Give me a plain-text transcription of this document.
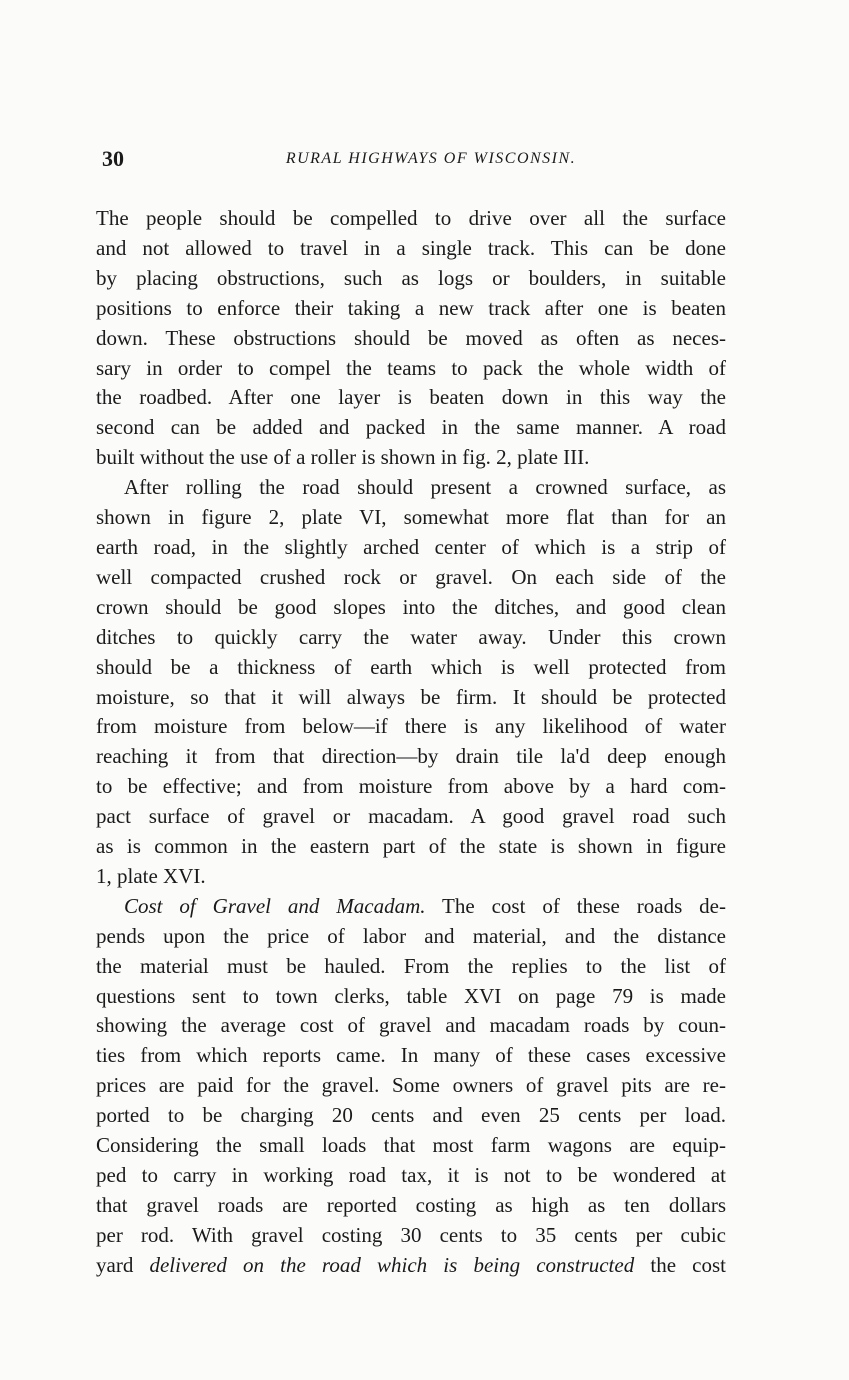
30	RURAL HIGHWAYS OF WISCONSIN.

The people should be compelled to drive over all the surface
and not allowed to travel in a single track. This can be done
by placing obstructions, such as logs or boulders, in suitable
positions to enforce their taking a new track after one is beaten
down. These obstructions should be moved as often as neces-
sary in order to compel the teams to pack the whole width of
the roadbed. After one layer is beaten down in this way the
second can be added and packed in the same manner. A road
built without the use of a roller is shown in fig. 2, plate III.

After rolling the road should present a crowned surface, as
shown in figure 2, plate VI, somewhat more flat than for an
earth road, in the slightly arched center of which is a strip of
well compacted crushed rock or gravel. On each side of the
crown should be good slopes into the ditches, and good clean
ditches to quickly carry the water away. Under this crown
should be a thickness of earth which is well protected from
moisture, so that it will always be firm. It should be protected
from moisture from below—if there is any likelihood of water
reaching it from that direction—by drain tile la'd deep enough
to be effective; and from moisture from above by a hard com-
pact surface of gravel or macadam. A good gravel road such
as is common in the eastern part of the state is shown in figure
1, plate XVI.

Cost of Gravel and Macadam. The cost of these roads de-
pends upon the price of labor and material, and the distance
the material must be hauled. From the replies to the list of
questions sent to town clerks, table XVI on page 79 is made
showing the average cost of gravel and macadam roads by coun-
ties from which reports came. In many of these cases excessive
prices are paid for the gravel. Some owners of gravel pits are re-
ported to be charging 20 cents and even 25 cents per load.
Considering the small loads that most farm wagons are equip-
ped to carry in working road tax, it is not to be wondered at
that gravel roads are reported costing as high as ten dollars
per rod. With gravel costing 30 cents to 35 cents per cubic
yard delivered on the road which is being constructed the cost
